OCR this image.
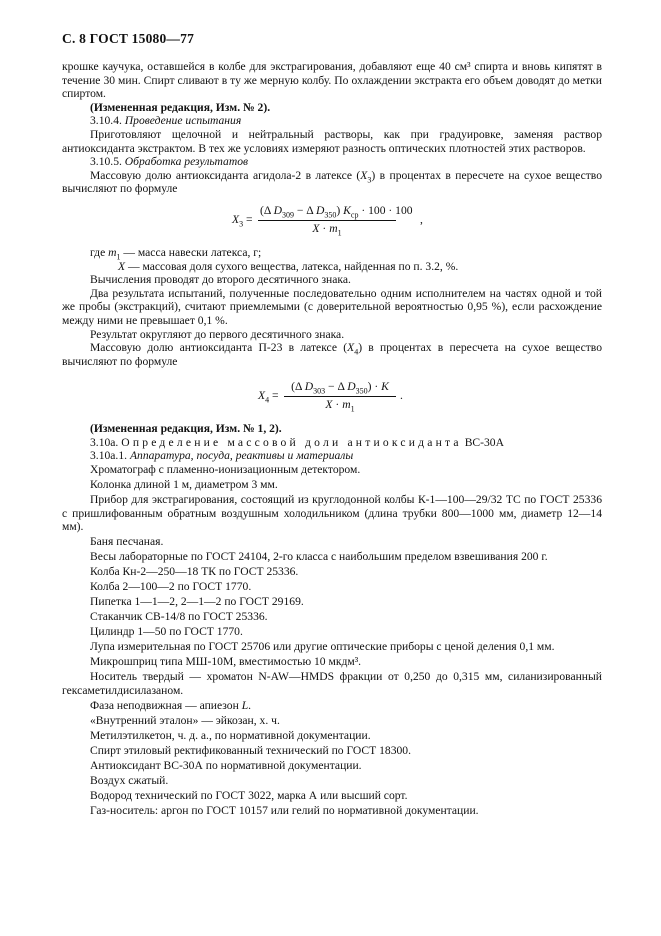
С. 8 ГОСТ 15080—77

крошке каучука, оставшейся в колбе для экстрагирования, добавляют еще 40 см³ спирта и вновь кипятят в течение 30 мин. Спирт сливают в ту же мерную колбу. По охлаждении экстракта его объем доводят до метки спиртом.

(Измененная редакция, Изм. № 2).

3.10.4. Проведение испытания

Приготовляют щелочной и нейтральный растворы, как при градуировке, заменяя раствор антиоксиданта экстрактом. В тех же условиях измеряют разность оптических плотностей этих растворов.

3.10.5. Обработка результатов

Массовую долю антиоксиданта агидола-2 в латексе $(X_3)$ в процентах в пересчете на сухое вещество вычисляют по формуле

$X_3$ =
(Δ $D_{309} - \Delta$ $D_{350}$) $K_{ср} \cdot 100 \cdot 100$
$X \cdot m_1$
,

где $m_1$ — масса навески латекса, г;

X — массовая доля сухого вещества, латекса, найденная по п. 3.2, %.

Вычисления проводят до второго десятичного знака.

Два результата испытаний, полученные последовательно одним исполнителем на частях одной и той же пробы (экстракций), считают приемлемыми (с доверительной вероятностью 0,95 %), если расхождение между ними не превышает 0,1 %.

Результат округляют до первого десятичного знака.

Массовую долю антиоксиданта П-23 в латексе $(X_4)$ в процентах в пересчета на сухое вещество вычисляют по формуле

$X_4$ =
(Δ $D_{303} - \Delta$ $D_{350}) \cdot K$
$X \cdot m_1$
.

(Измененная редакция, Изм. № 1, 2).

3.10a. Определение массовой доли антиоксиданта ВС-30А

3.10a.1. Аппаратура, посуда, реактивы и материалы

Хроматограф с пламенно-ионизационным детектором.

Колонка длиной 1 м, диаметром 3 мм.

Прибор для экстрагирования, состоящий из круглодонной колбы К-1—100—29/32 ТС по ГОСТ 25336 с пришлифованным обратным воздушным холодильником (длина трубки 800—1000 мм, диаметр 12—14 мм).

Баня песчаная.

Весы лабораторные по ГОСТ 24104, 2-го класса с наибольшим пределом взвешивания 200 г.

Колба Кн-2—250—18 ТК по ГОСТ 25336.

Колба 2—100—2 по ГОСТ 1770.

Пипетка 1—1—2, 2—1—2 по ГОСТ 29169.

Стаканчик СВ-14/8 по ГОСТ 25336.

Цилиндр 1—50 по ГОСТ 1770.

Лупа измерительная по ГОСТ 25706 или другие оптические приборы с ценой деления 0,1 мм.

Микрошприц типа МШ-10М, вместимостью 10 мкдм³.

Носитель твердый — хроматон N-AW—HMDS фракции от 0,250 до 0,315 мм, силанизированный гексаметилдисилазаном.

Фаза неподвижная — апиезон L.

«Внутренний эталон» — эйкозан, х. ч.

Метилэтилкетон, ч. д. а., по нормативной документации.

Спирт этиловый ректификованный технический по ГОСТ 18300.

Антиоксидант ВС-30А по нормативной документации.

Воздух сжатый.

Водород технический по ГОСТ 3022, марка А или высший сорт.

Газ-носитель: аргон по ГОСТ 10157 или гелий по нормативной документации.
